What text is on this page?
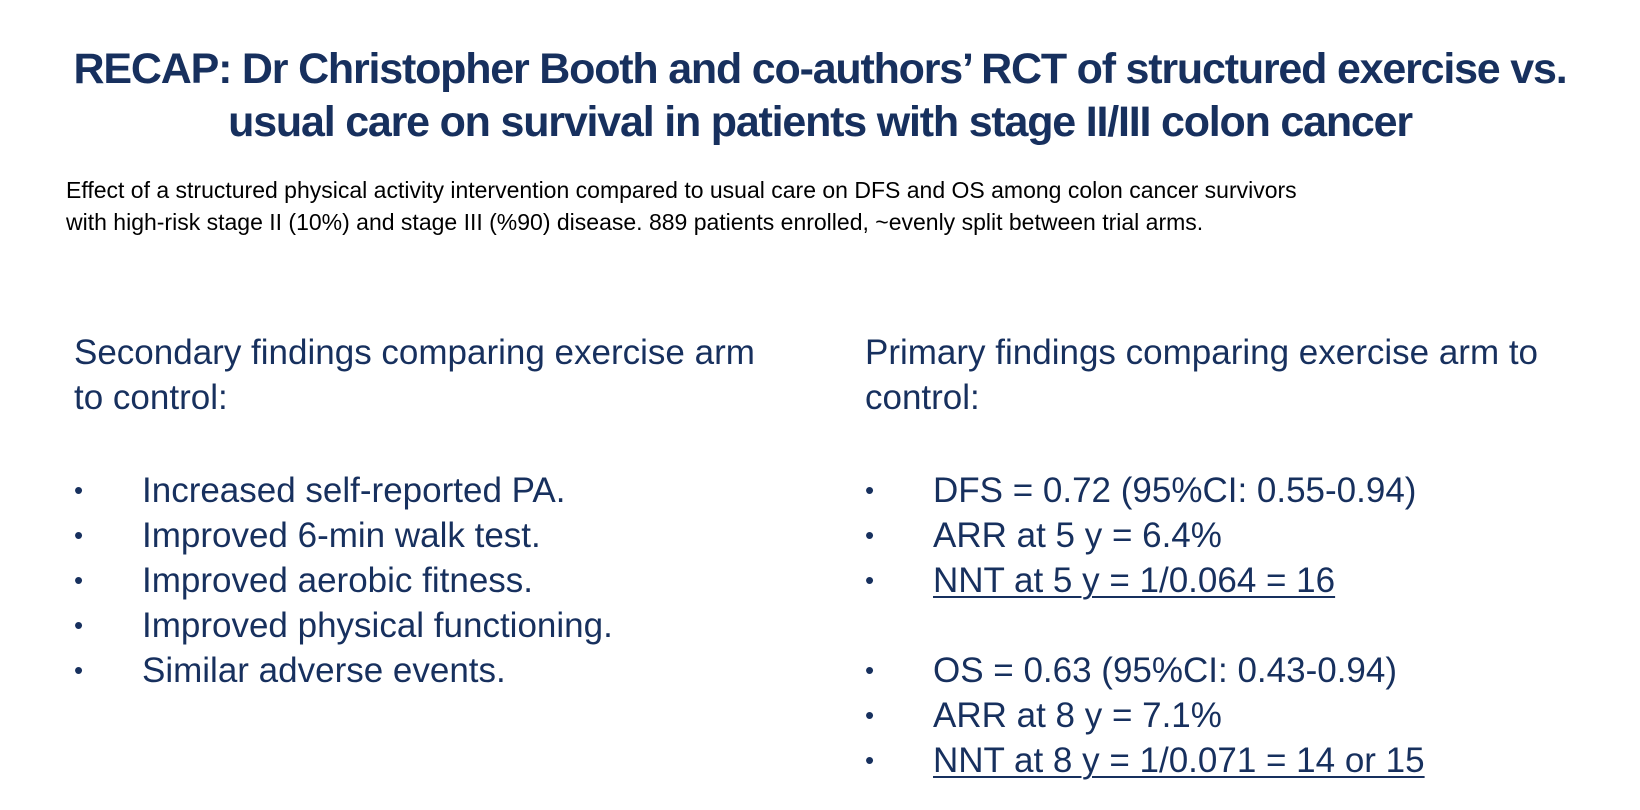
RECAP: Dr Christopher Booth and co-authors’ RCT of structured exercise vs.
usual care on survival in patients with stage II/III colon cancer
Effect of a structured physical activity intervention compared to usual care on DFS and OS among colon cancer survivors
with high-risk stage II (10%) and stage III (%90) disease. 889 patients enrolled, ~evenly split between trial arms.
Secondary findings comparing exercise arm
to control:
• Increased self-reported PA.
• Improved 6-min walk test.
• Improved aerobic fitness.
• Improved physical functioning.
• Similar adverse events.
Primary findings comparing exercise arm to
control:
• DFS = 0.72 (95%CI: 0.55-0.94)
• ARR at 5 y = 6.4%
• NNT at 5 y = 1/0.064 = 16
• OS = 0.63 (95%CI: 0.43-0.94)
• ARR at 8 y = 7.1%
• NNT at 8 y = 1/0.071 = 14 or 15
